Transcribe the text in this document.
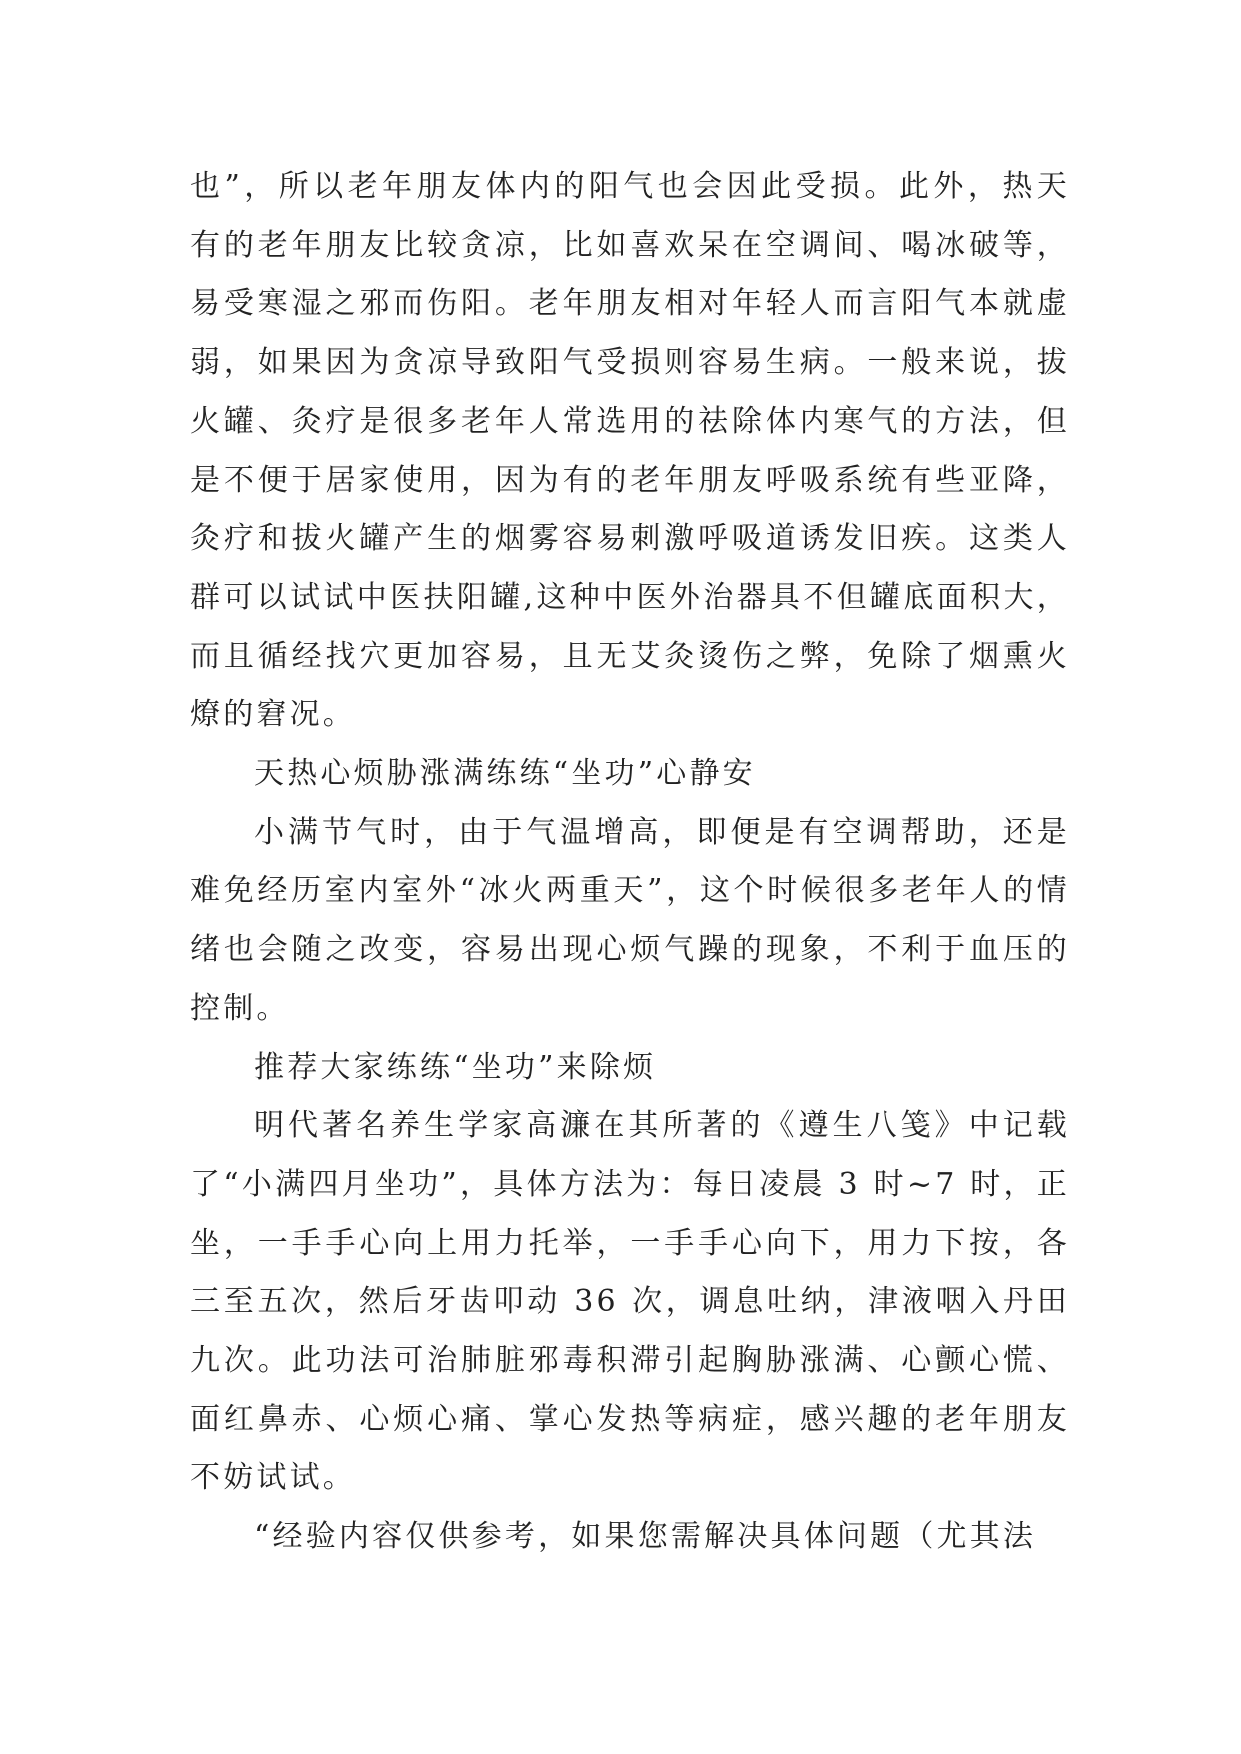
也”，所以老年朋友体内的阳气也会因此受损。此外，热天有的老年朋友比较贪凉，比如喜欢呆在空调间、喝冰破等，易受寒湿之邪而伤阳。老年朋友相对年轻人而言阳气本就虚弱，如果因为贪凉导致阳气受损则容易生病。一般来说，拔火罐、灸疗是很多老年人常选用的祛除体内寒气的方法，但是不便于居家使用，因为有的老年朋友呼吸系统有些亚降，灸疗和拔火罐产生的烟雾容易刺激呼吸道诱发旧疾。这类人群可以试试中医扶阳罐,这种中医外治器具不但罐底面积大，而且循经找穴更加容易，且无艾灸烫伤之弊，免除了烟熏火燎的窘况。

天热心烦胁涨满练练“坐功”心静安

小满节气时，由于气温增高，即便是有空调帮助，还是难免经历室内室外“冰火两重天”，这个时候很多老年人的情绪也会随之改变，容易出现心烦气躁的现象，不利于血压的控制。

推荐大家练练“坐功”来除烦

明代著名养生学家高濂在其所著的《遵生八笺》中记载了“小满四月坐功”，具体方法为：每日凌晨 3 时~7 时，正坐，一手手心向上用力托举，一手手心向下，用力下按，各三至五次，然后牙齿叩动 36 次，调息吐纳，津液咽入丹田九次。此功法可治肺脏邪毒积滞引起胸胁涨满、心颤心慌、面红鼻赤、心烦心痛、掌心发热等病症，感兴趣的老年朋友不妨试试。

“经验内容仅供参考，如果您需解决具体问题（尤其法
